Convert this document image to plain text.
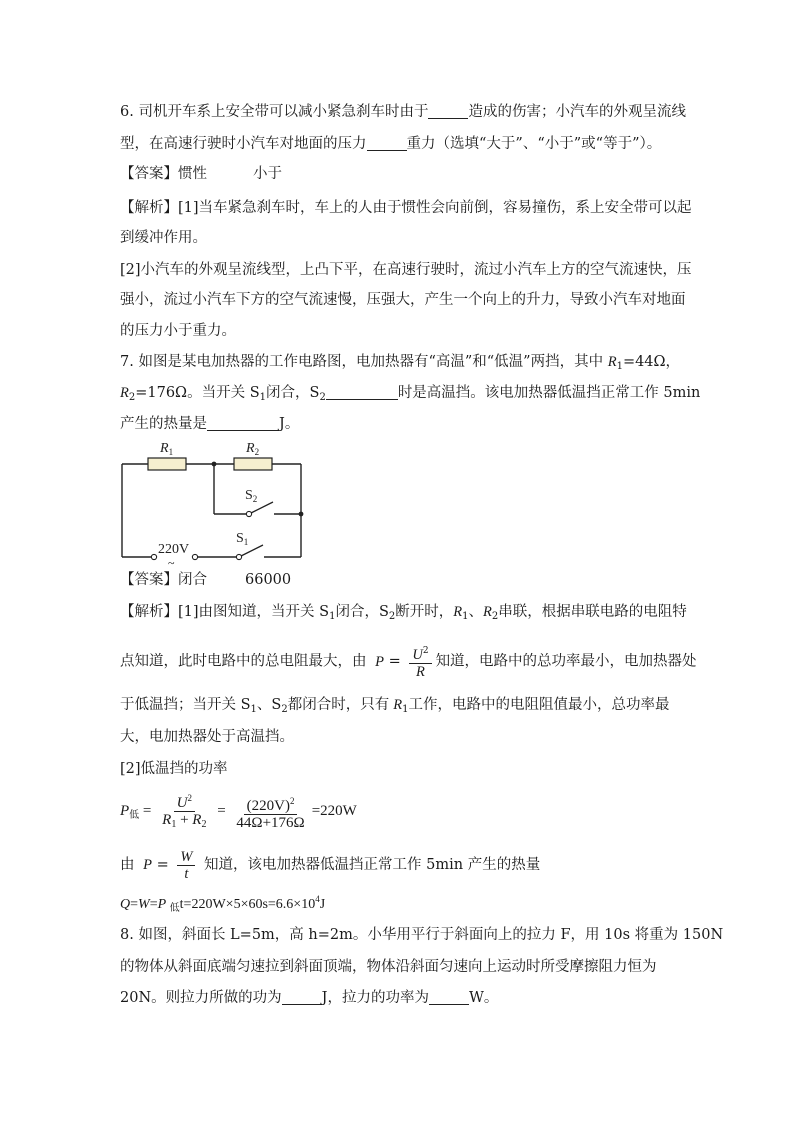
6. 司机开车系上安全带可以减小紧急刹车时由于	造成的伤害；小汽车的外观呈流线
型，在高速行驶时小汽车对地面的压力	重力（选填“大于”、“小于”或“等于”）。
【答案】惯性	小于
【解析】[1]当车紧急刹车时，车上的人由于惯性会向前倒，容易撞伤，系上安全带可以起
到缓冲作用。
[2]小汽车的外观呈流线型，上凸下平，在高速行驶时，流过小汽车上方的空气流速快，压
强小，流过小汽车下方的空气流速慢，压强大，产生一个向上的升力，导致小汽车对地面
的压力小于重力。
7. 如图是某电加热器的工作电路图，电加热器有“高温”和“低温”两挡，其中 $R_1=44\Omega$，
$R_2=176\Omega$。当开关 $S_1$闭合，$S_2$	时是高温挡。该电加热器低温挡正常工作 5min
产生的热量是	J。
$R_1$	$R_2$
$S_2$
$S_1$
220V
~
【答案】闭合	66000
【解析】[1]由图知道，当开关 $S_1$闭合，$S_2$断开时，$R_1$、$R_2$串联，根据串联电路的电阻特
点知道，此时电路中的总电阻最大，由 $P = \frac{U^2}{R}$ 知道，电路中的总功率最小，电加热器处
于低温挡；当开关 $S_1$、$S_2$都闭合时，只有 $R_1$工作，电路中的电阻阻值最小，总功率最
大，电加热器处于高温挡。
[2]低温挡的功率
$P_低 = \frac{U^2}{R_1 + R_2} = \frac{(220V)^2}{44\Omega+176\Omega} =220W$
由 $P = \frac{W}{t}$ 知道，该电加热器低温挡正常工作 5min 产生的热量
Q=W=P $_低t=220W\times 5\times 60s=6.6\times 10^4J$
8. 如图，斜面长 L=5m，高 h=2m。小华用平行于斜面向上的拉力 F，用 10s 将重为 150N
的物体从斜面底端匀速拉到斜面顶端，物体沿斜面匀速向上运动时所受摩擦阻力恒为
20N。则拉力所做的功为	J，拉力的功率为	W。
